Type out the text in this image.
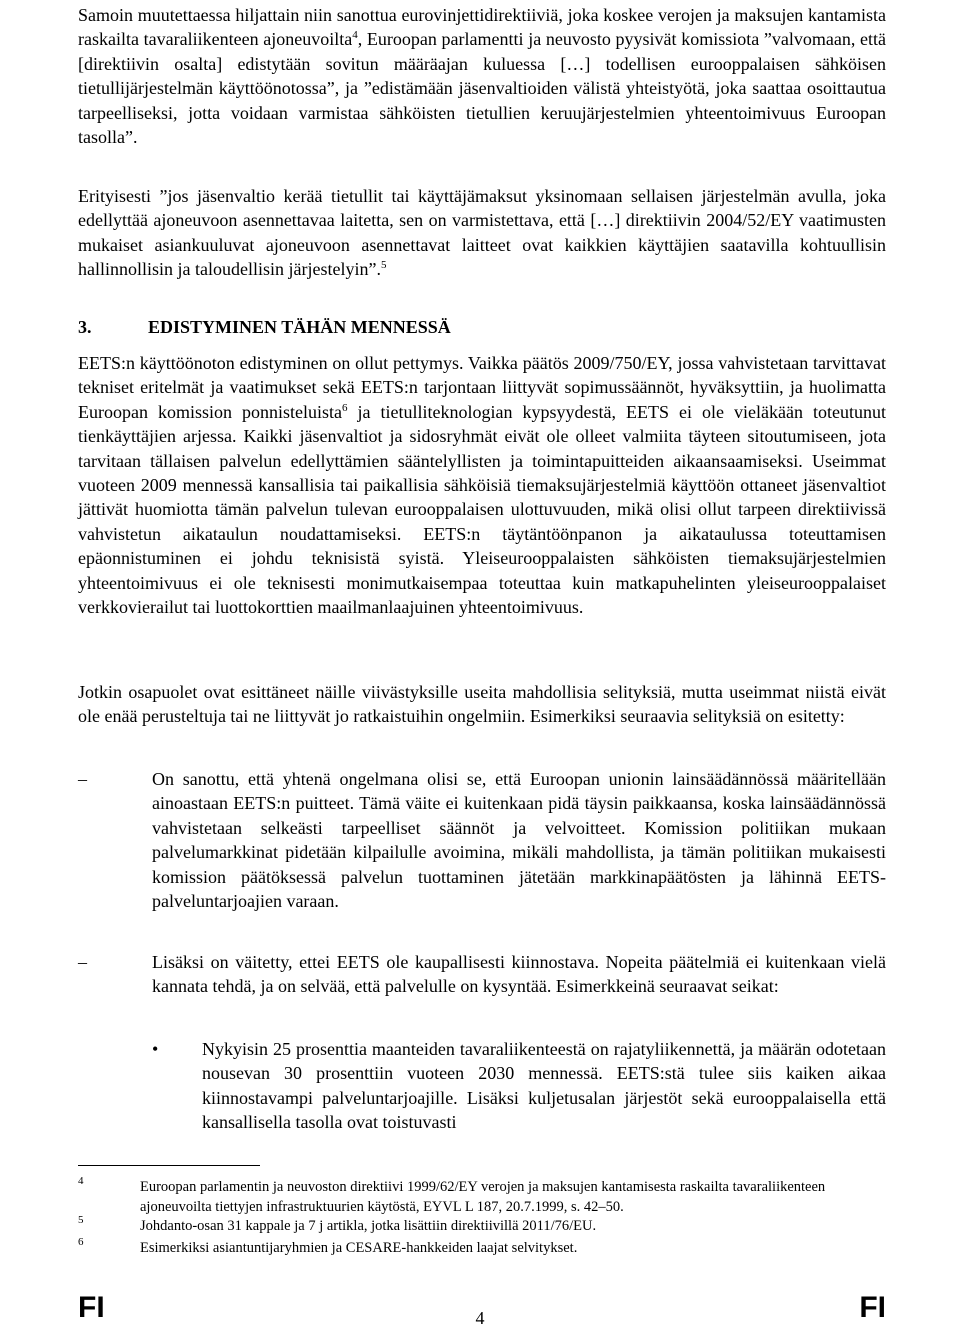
Samoin muutettaessa hiljattain niin sanottua eurovinjettidirektiiviä, joka koskee verojen ja maksujen kantamista raskailta tavaraliikenteen ajoneuvoilta$^4$, Euroopan parlamentti ja neuvosto pyysivät komissiota ”valvomaan, että [direktiivin osalta] edistytään sovitun määräajan kuluessa […] todellisen eurooppalaisen sähköisen tietullijärjestelmän käyttöönotossa”, ja ”edistämään jäsenvaltioiden välistä yhteistyötä, joka saattaa osoittautua tarpeelliseksi, jotta voidaan varmistaa sähköisten tietullien keruujärjestelmien yhteentoimivuus Euroopan tasolla”.

Erityisesti ”jos jäsenvaltio kerää tietullit tai käyttäjämaksut yksinomaan sellaisen järjestelmän avulla, joka edellyttää ajoneuvoon asennettavaa laitetta, sen on varmistettava, että […] direktiivin 2004/52/EY vaatimusten mukaiset asiankuuluvat ajoneuvoon asennettavat laitteet ovat kaikkien käyttäjien saatavilla kohtuullisin hallinnollisin ja taloudellisin järjestelyin”.$^5$

3.	EDISTYMINEN TÄHÄN MENNESSÄ

EETS:n käyttöönoton edistyminen on ollut pettymys. Vaikka päätös 2009/750/EY, jossa vahvistetaan tarvittavat tekniset eritelmät ja vaatimukset sekä EETS:n tarjontaan liittyvät sopimussäännöt, hyväksyttiin, ja huolimatta Euroopan komission ponnisteluista$^6$ ja tietulliteknologian kypsyydestä, EETS ei ole vieläkään toteutunut tienkäyttäjien arjessa. Kaikki jäsenvaltiot ja sidosryhmät eivät ole olleet valmiita täyteen sitoutumiseen, jota tarvitaan tällaisen palvelun edellyttämien sääntelyllisten ja toimintapuitteiden aikaansaamiseksi. Useimmat vuoteen 2009 mennessä kansallisia tai paikallisia sähköisiä tiemaksujärjestelmiä käyttöön ottaneet jäsenvaltiot jättivät huomiotta tämän palvelun tulevan eurooppalaisen ulottuvuuden, mikä olisi ollut tarpeen direktiivissä vahvistetun aikataulun noudattamiseksi. EETS:n täytäntöönpanon ja aikataulussa toteuttamisen epäonnistuminen ei johdu teknisistä syistä. Yleiseurooppalaisten sähköisten tiemaksujärjestelmien yhteentoimivuus ei ole teknisesti monimutkaisempaa toteuttaa kuin matkapuhelinten yleiseurooppalaiset verkkovierailut tai luottokorttien maailmanlaajuinen yhteentoimivuus.

Jotkin osapuolet ovat esittäneet näille viivästyksille useita mahdollisia selityksiä, mutta useimmat niistä eivät ole enää perusteltuja tai ne liittyvät jo ratkaistuihin ongelmiin. Esimerkiksi seuraavia selityksiä on esitetty:

–	On sanottu, että yhtenä ongelmana olisi se, että Euroopan unionin lainsäädännössä määritellään ainoastaan EETS:n puitteet. Tämä väite ei kuitenkaan pidä täysin paikkaansa, koska lainsäädännössä vahvistetaan selkeästi tarpeelliset säännöt ja velvoitteet. Komission politiikan mukaan palvelumarkkinat pidetään kilpailulle avoimina, mikäli mahdollista, ja tämän politiikan mukaisesti komission päätöksessä palvelun tuottaminen jätetään markkinapäätösten ja lähinnä EETS-palveluntarjoajien varaan.

–	Lisäksi on väitetty, ettei EETS ole kaupallisesti kiinnostava. Nopeita päätelmiä ei kuitenkaan vielä kannata tehdä, ja on selvää, että palvelulle on kysyntää. Esimerkkeinä seuraavat seikat:

• Nykyisin 25 prosenttia maanteiden tavaraliikenteestä on rajatyliikennettä, ja määrän odotetaan nousevan 30 prosenttiin vuoteen 2030 mennessä. EETS:stä tulee siis kaiken aikaa kiinnostavampi palveluntarjoajille. Lisäksi kuljetusalan järjestöt sekä eurooppalaisella että kansallisella tasolla ovat toistuvasti

4	Euroopan parlamentin ja neuvoston direktiivi 1999/62/EY verojen ja maksujen kantamisesta raskailta tavaraliikenteen ajoneuvoilta tiettyjen infrastruktuurien käytöstä, EYVL L 187, 20.7.1999, s. 42–50.
5	Johdanto-osan 31 kappale ja 7 j artikla, jotka lisättiin direktiivillä 2011/76/EU.
6	Esimerkiksi asiantuntijaryhmien ja CESARE-hankkeiden laajat selvitykset.
FI	FI
4
